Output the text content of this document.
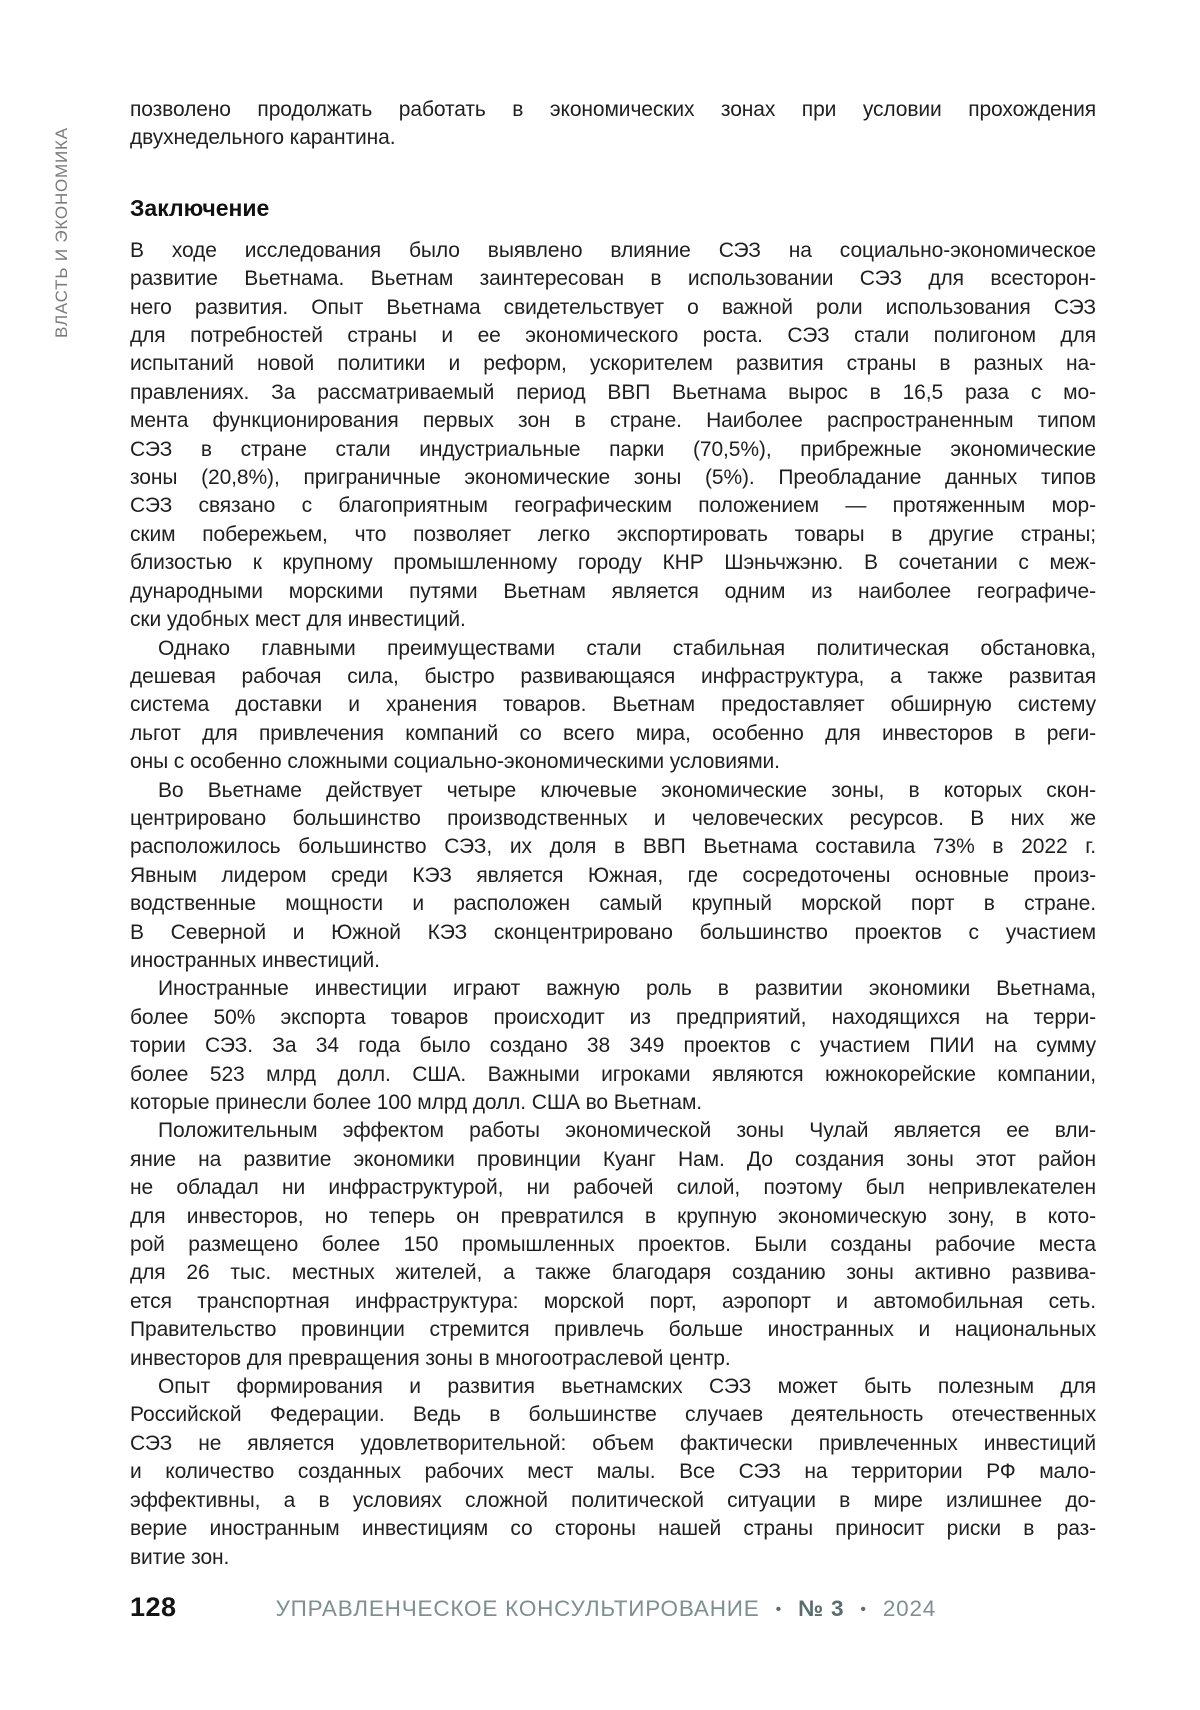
ВЛАСТЬ И ЭКОНОМИКА
позволено продолжать работать в экономических зонах при условии прохождения
двухнедельного карантина.
Заключение
В ходе исследования было выявлено влияние СЭЗ на социально-экономическое
развитие Вьетнама. Вьетнам заинтересован в использовании СЭЗ для всесторон-
него развития. Опыт Вьетнама свидетельствует о важной роли использования СЭЗ
для потребностей страны и ее экономического роста. СЭЗ стали полигоном для
испытаний новой политики и реформ, ускорителем развития страны в разных на-
правлениях. За рассматриваемый период ВВП Вьетнама вырос в 16,5 раза с мо-
мента функционирования первых зон в стране. Наиболее распространенным типом
СЭЗ в стране стали индустриальные парки (70,5%), прибрежные экономические
зоны (20,8%), приграничные экономические зоны (5%). Преобладание данных типов
СЭЗ связано с благоприятным географическим положением — протяженным мор-
ским побережьем, что позволяет легко экспортировать товары в другие страны;
близостью к крупному промышленному городу КНР Шэньчжэню. В сочетании с меж-
дународными морскими путями Вьетнам является одним из наиболее географиче-
ски удобных мест для инвестиций.
Однако главными преимуществами стали стабильная политическая обстановка,
дешевая рабочая сила, быстро развивающаяся инфраструктура, а также развитая
система доставки и хранения товаров. Вьетнам предоставляет обширную систему
льгот для привлечения компаний со всего мира, особенно для инвесторов в реги-
оны с особенно сложными социально-экономическими условиями.
Во Вьетнаме действует четыре ключевые экономические зоны, в которых скон-
центрировано большинство производственных и человеческих ресурсов. В них же
расположилось большинство СЭЗ, их доля в ВВП Вьетнама составила 73% в 2022 г.
Явным лидером среди КЭЗ является Южная, где сосредоточены основные произ-
водственные мощности и расположен самый крупный морской порт в стране.
В Северной и Южной КЭЗ сконцентрировано большинство проектов с участием
иностранных инвестиций.
Иностранные инвестиции играют важную роль в развитии экономики Вьетнама,
более 50% экспорта товаров происходит из предприятий, находящихся на терри-
тории СЭЗ. За 34 года было создано 38 349 проектов с участием ПИИ на сумму
более 523 млрд долл. США. Важными игроками являются южнокорейские компании,
которые принесли более 100 млрд долл. США во Вьетнам.
Положительным эффектом работы экономической зоны Чулай является ее вли-
яние на развитие экономики провинции Куанг Нам. До создания зоны этот район
не обладал ни инфраструктурой, ни рабочей силой, поэтому был непривлекателен
для инвесторов, но теперь он превратился в крупную экономическую зону, в кото-
рой размещено более 150 промышленных проектов. Были созданы рабочие места
для 26 тыс. местных жителей, а также благодаря созданию зоны активно развива-
ется транспортная инфраструктура: морской порт, аэропорт и автомобильная сеть.
Правительство провинции стремится привлечь больше иностранных и национальных
инвесторов для превращения зоны в многоотраслевой центр.
Опыт формирования и развития вьетнамских СЭЗ может быть полезным для
Российской Федерации. Ведь в большинстве случаев деятельность отечественных
СЭЗ не является удовлетворительной: объем фактически привлеченных инвестиций
и количество созданных рабочих мест малы. Все СЭЗ на территории РФ мало-
эффективны, а в условиях сложной политической ситуации в мире излишнее до-
верие иностранным инвестициям со стороны нашей страны приносит риски в раз-
витие зон.
128	УПРАВЛЕНЧЕСКОЕ КОНСУЛЬТИРОВАНИЕ • № 3 • 2024
